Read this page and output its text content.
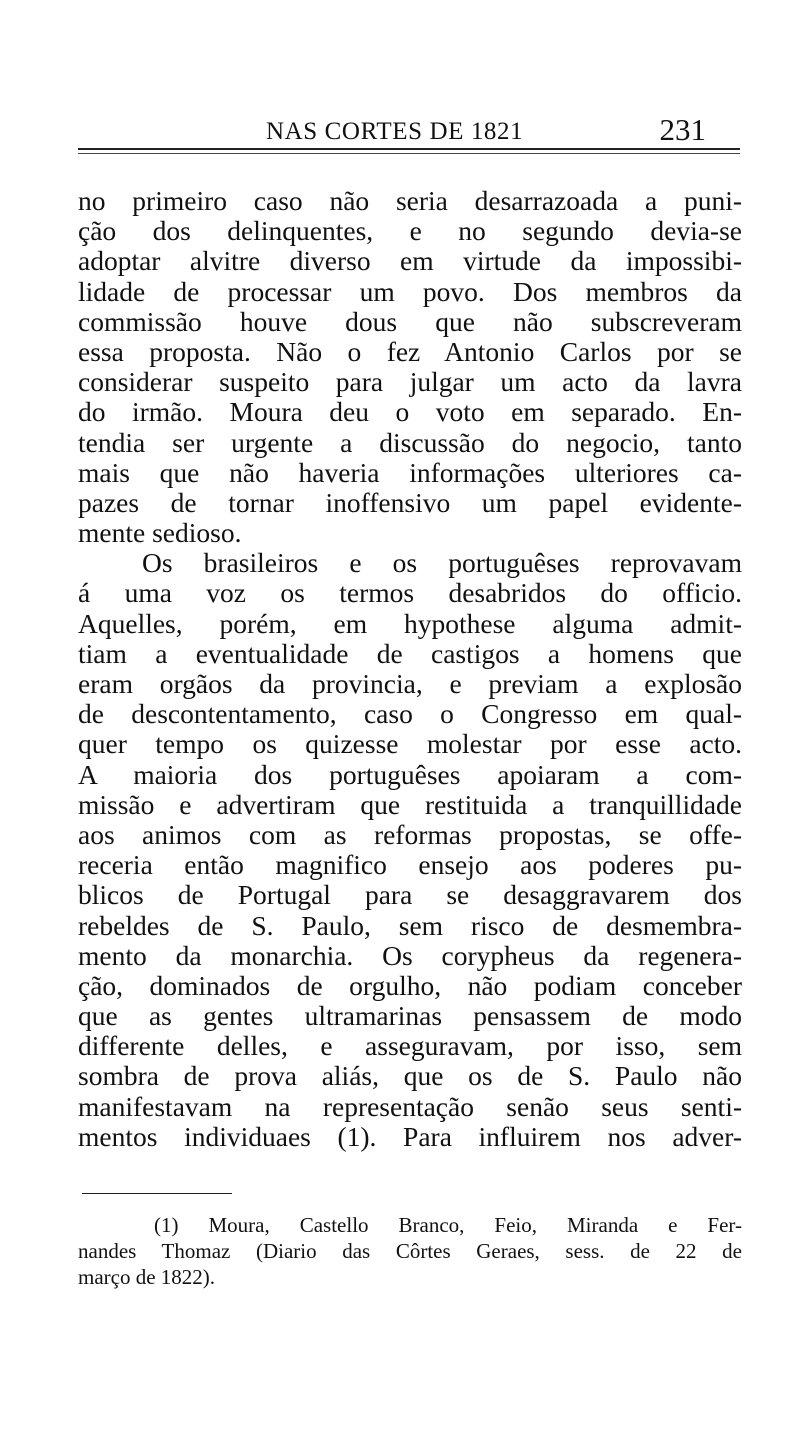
NAS CORTES DE 1821	231
no primeiro caso não seria desarrazoada a puni-
ção dos delinquentes, e no segundo devia-se
adoptar alvitre diverso em virtude da impossibi-
lidade de processar um povo. Dos membros da
commissão houve dous que não subscreveram
essa proposta. Não o fez Antonio Carlos por se
considerar suspeito para julgar um acto da lavra
do irmão. Moura deu o voto em separado. En-
tendia ser urgente a discussão do negocio, tanto
mais que não haveria informações ulteriores ca-
pazes de tornar inoffensivo um papel evidente-
mente sedioso.
Os brasileiros e os portuguêses reprovavam
á uma voz os termos desabridos do officio.
Aquelles, porém, em hypothese alguma admit-
tiam a eventualidade de castigos a homens que
eram orgãos da provincia, e previam a explosão
de descontentamento, caso o Congresso em qual-
quer tempo os quizesse molestar por esse acto.
A maioria dos portuguêses apoiaram a com-
missão e advertiram que restituida a tranquillidade
aos animos com as reformas propostas, se offe-
receria então magnifico ensejo aos poderes pu-
blicos de Portugal para se desaggravarem dos
rebeldes de S. Paulo, sem risco de desmembra-
mento da monarchia. Os corypheus da regenera-
ção, dominados de orgulho, não podiam conceber
que as gentes ultramarinas pensassem de modo
differente delles, e asseguravam, por isso, sem
sombra de prova aliás, que os de S. Paulo não
manifestavam na representação senão seus senti-
mentos individuaes (1). Para influirem nos adver-
(1) Moura, Castello Branco, Feio, Miranda e Fer-
nandes Thomaz (Diario das Côrtes Geraes, sess. de 22 de
março de 1822).
